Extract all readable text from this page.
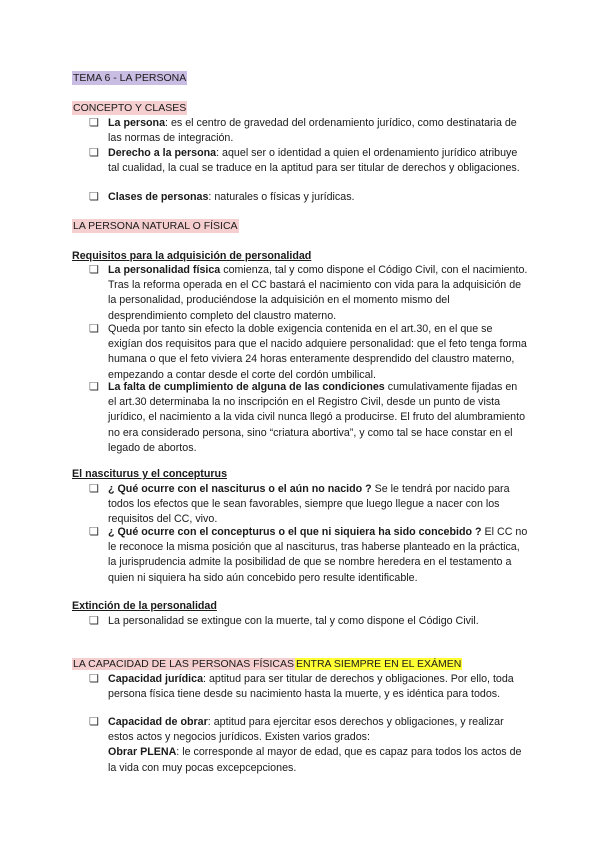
TEMA 6 - LA PERSONA
CONCEPTO Y CLASES
❏ La persona: es el centro de gravedad del ordenamiento jurídico, como destinataria de las normas de integración.
❏ Derecho a la persona: aquel ser o identidad a quien el ordenamiento jurídico atribuye tal cualidad, la cual se traduce en la aptitud para ser titular de derechos y obligaciones.
❏ Clases de personas: naturales o físicas y jurídicas.
LA PERSONA NATURAL O FÍSICA
Requisitos para la adquisición de personalidad
❏ La personalidad física comienza, tal y como dispone el Código Civil, con el nacimiento. Tras la reforma operada en el CC bastará el nacimiento con vida para la adquisición de la personalidad, produciéndose la adquisición en el momento mismo del desprendimiento completo del claustro materno.
❏ Queda por tanto sin efecto la doble exigencia contenida en el art.30, en el que se exigían dos requisitos para que el nacido adquiere personalidad: que el feto tenga forma humana o que el feto viviera 24 horas enteramente desprendido del claustro materno, empezando a contar desde el corte del cordón umbilical.
❏ La falta de cumplimiento de alguna de las condiciones cumulativamente fijadas en el art.30 determinaba la no inscripción en el Registro Civil, desde un punto de vista jurídico, el nacimiento a la vida civil nunca llegó a producirse. El fruto del alumbramiento no era considerado persona, sino “criatura abortiva”, y como tal se hace constar en el legado de abortos.
El nasciturus y el concepturus
❏ ¿ Qué ocurre con el nasciturus o el aún no nacido ? Se le tendrá por nacido para todos los efectos que le sean favorables, siempre que luego llegue a nacer con los requisitos del CC, vivo.
❏ ¿ Qué ocurre con el concepturus o el que ni siquiera ha sido concebido ? El CC no le reconoce la misma posición que al nasciturus, tras haberse planteado en la práctica, la jurisprudencia admite la posibilidad de que se nombre heredera en el testamento a quien ni siquiera ha sido aún concebido pero resulte identificable.
Extinción de la personalidad
❏ La personalidad se extingue con la muerte, tal y como dispone el Código Civil.
LA CAPACIDAD DE LAS PERSONAS FÍSICAS ENTRA SIEMPRE EN EL EXÁMEN
❏ Capacidad jurídica: aptitud para ser titular de derechos y obligaciones. Por ello, toda persona física tiene desde su nacimiento hasta la muerte, y es idéntica para todos.
❏ Capacidad de obrar: aptitud para ejercitar esos derechos y obligaciones, y realizar estos actos y negocios jurídicos. Existen varios grados:
Obrar PLENA: le corresponde al mayor de edad, que es capaz para todos los actos de la vida con muy pocas excepcepciones.
